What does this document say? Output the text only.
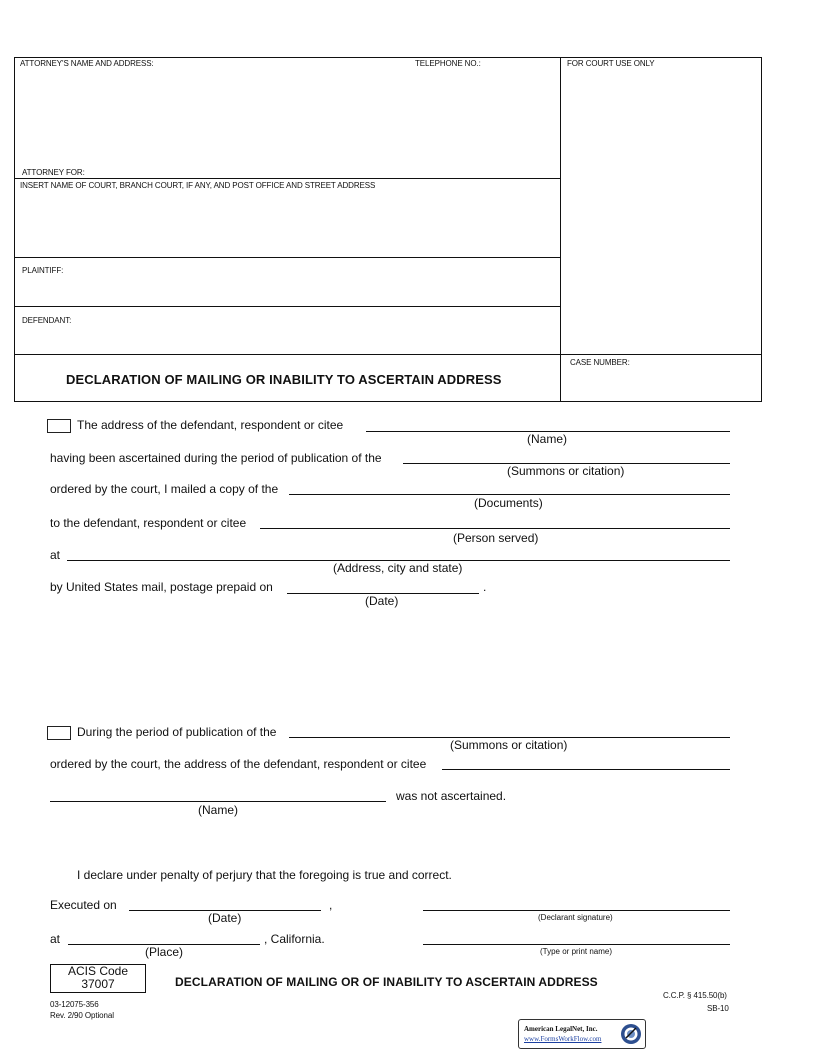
ATTORNEY'S NAME AND ADDRESS:	TELEPHONE NO.:	FOR COURT USE ONLY
ATTORNEY FOR:
INSERT NAME OF COURT, BRANCH COURT, IF ANY, AND POST OFFICE AND STREET ADDRESS
PLAINTIFF:
DEFENDANT:
CASE NUMBER:
DECLARATION OF MAILING OR INABILITY TO ASCERTAIN ADDRESS
The address of the defendant, respondent or citee
(Name)
having been ascertained during the period of publication of the
(Summons or citation)
ordered by the court, I mailed a copy of the
(Documents)
to the defendant, respondent or citee
(Person served)
at
(Address, city and state)
by United States mail, postage prepaid on	.
(Date)
During the period of publication of the
(Summons or citation)
ordered by the court, the address of the defendant, respondent or citee
was not ascertained.
(Name)
I declare under penalty of perjury that the foregoing is true and correct.
Executed on	,
(Date)	(Declarant signature)
at	, California.
(Place)	(Type or print name)
ACIS Code
37007	DECLARATION OF MAILING OR OF INABILITY TO ASCERTAIN ADDRESS
C.C.P. § 415.50(b)
SB-10
03-12075-356
Rev. 2/90 Optional
American LegalNet, Inc.
www.FormsWorkFlow.com
